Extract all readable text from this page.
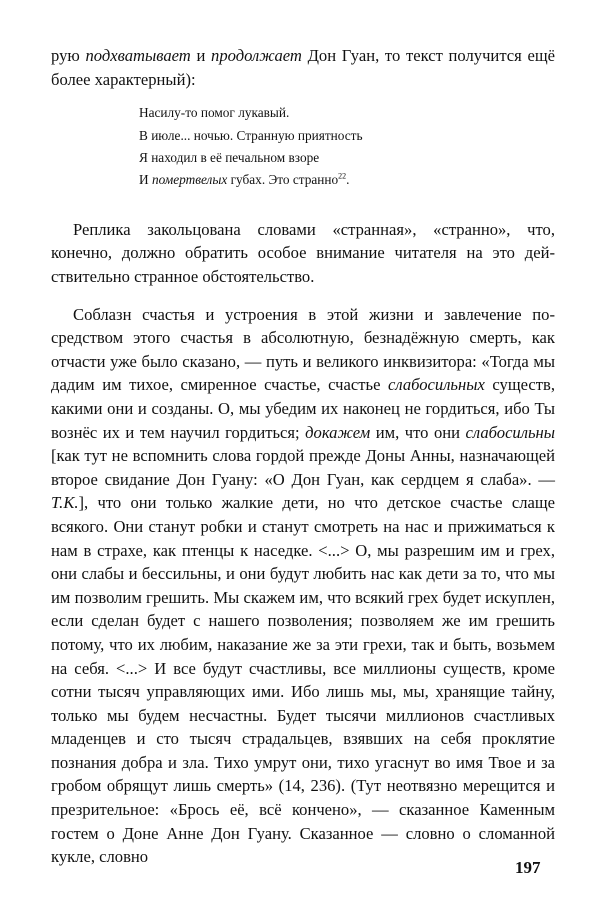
рую подхватывает и продолжает Дон Гуан, то текст получится ещё более характерный):

Насилу-то помог лукавый.
В июле... ночью. Странную приятность
Я находил в её печальном взоре
И помертвелых губах. Это странно$^{22}$.

Реплика закольцована словами «странная», «странно», что, конечно, должно обратить особое внимание читателя на это действительно странное обстоятельство.

Соблазн счастья и устроения в этой жизни и завлечение посредством этого счастья в абсолютную, безнадёжную смерть, как отчасти уже было сказано, — путь и великого инквизитора: «Тогда мы дадим им тихое, смиренное счастье, счастье слабосильных существ, какими они и созданы. О, мы убедим их наконец не гордиться, ибо Ты вознёс их и тем научил гордиться; докажем им, что они слабосильны [как тут не вспомнить слова гордой прежде Доны Анны, назначающей второе свидание Дон Гуану: «О Дон Гуан, как сердцем я слаба». — Т.К.], что они только жалкие дети, но что детское счастье слаще всякого. Они станут робки и станут смотреть на нас и прижиматься к нам в страхе, как птенцы к наседке. <...> О, мы разрешим им и грех, они слабы и бессильны, и они будут любить нас как дети за то, что мы им позволим грешить. Мы скажем им, что всякий грех будет искуплен, если сделан будет с нашего позволения; позволяем же им грешить потому, что их любим, наказание же за эти грехи, так и быть, возьмем на себя. <...> И все будут счастливы, все миллионы существ, кроме сотни тысяч управляющих ими. Ибо лишь мы, мы, хранящие тайну, только мы будем несчастны. Будет тысячи миллионов счастливых младенцев и сто тысяч страдальцев, взявших на себя проклятие познания добра и зла. Тихо умрут они, тихо угаснут во имя Твое и за гробом обрящут лишь смерть» (14, 236). (Тут неотвязно мерещится и презрительное: «Брось её, всё кончено», — сказанное Каменным гостем о Доне Анне Дон Гуану. Сказанное — словно о сломанной кукле, словно

197
